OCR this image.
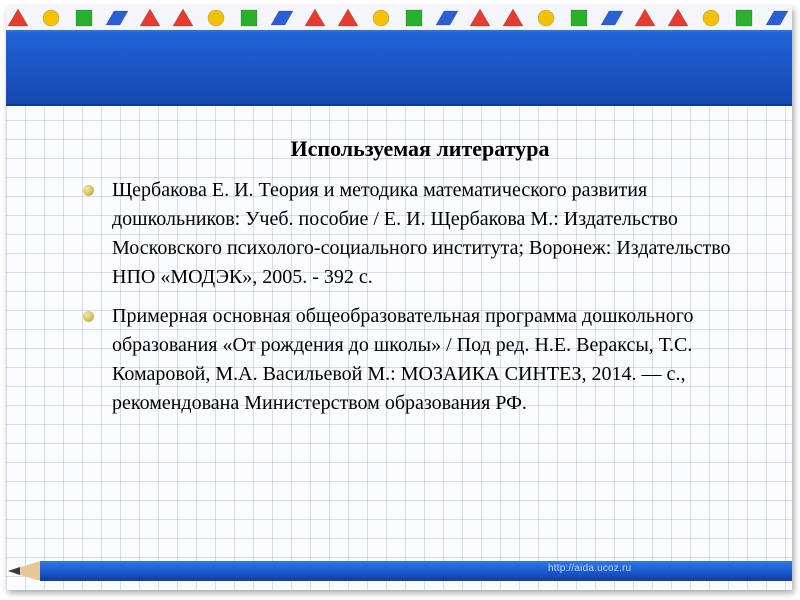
Используемая литература
Щербакова Е. И. Теория и методика математического развития дошкольников: Учеб. пособие / Е. И. Щербакова М.: Издательство Московского психолого-социального института; Воронеж: Издательство НПО «МОДЭК», 2005. - 392 с.
Примерная основная общеобразовательная программа дошкольного образования «От рождения до школы» / Под ред. Н.Е. Вераксы, Т.С. Комаровой, М.А. Васильевой М.: МОЗАИКА СИНТЕЗ, 2014. — с., рекомендована Министерством образования РФ.
http://aida.ucoz.ru
